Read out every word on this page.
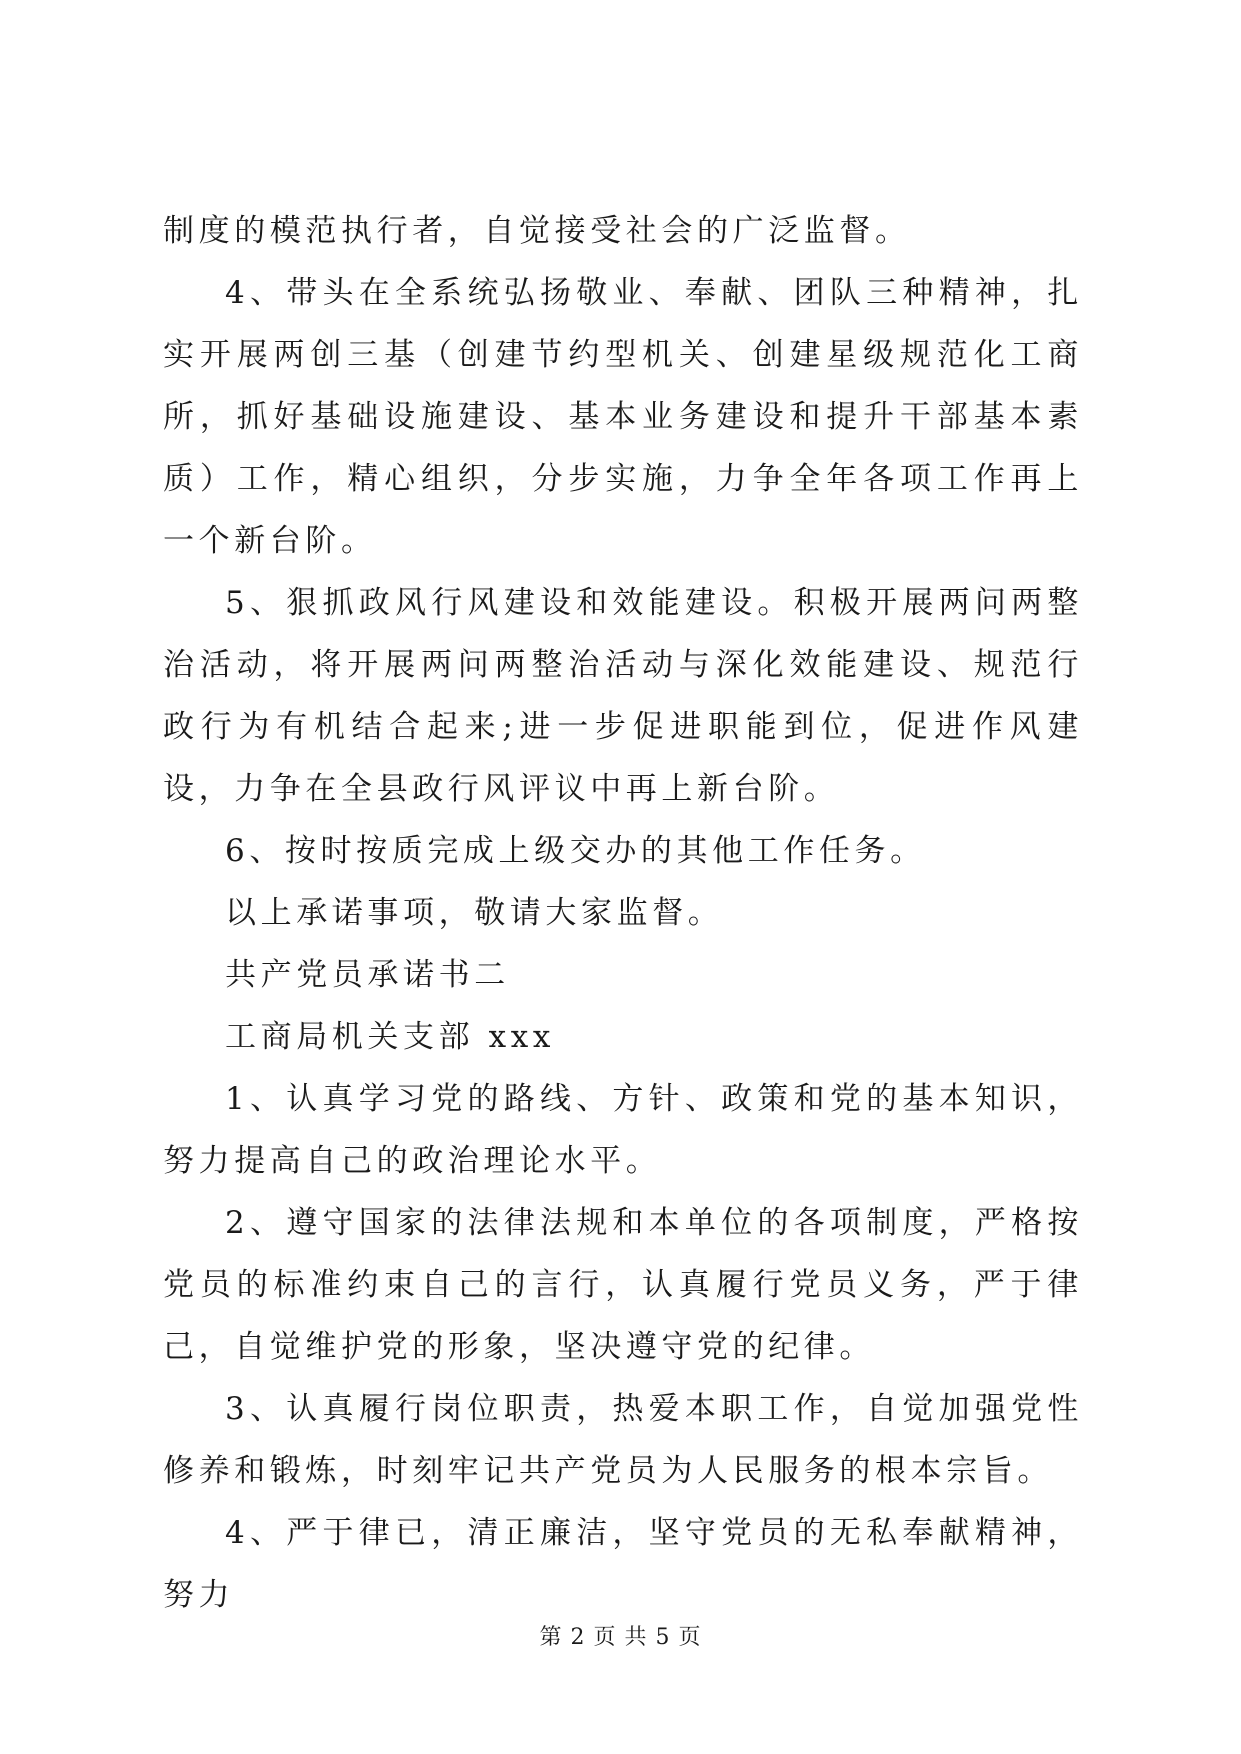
制度的模范执行者，自觉接受社会的广泛监督。

4、带头在全系统弘扬敬业、奉献、团队三种精神，扎实开展两创三基（创建节约型机关、创建星级规范化工商所，抓好基础设施建设、基本业务建设和提升干部基本素质）工作，精心组织，分步实施，力争全年各项工作再上一个新台阶。

5、狠抓政风行风建设和效能建设。积极开展两问两整治活动，将开展两问两整治活动与深化效能建设、规范行政行为有机结合起来;进一步促进职能到位，促进作风建设，力争在全县政行风评议中再上新台阶。

6、按时按质完成上级交办的其他工作任务。

以上承诺事项，敬请大家监督。

共产党员承诺书二

工商局机关支部 xxx

1、认真学习党的路线、方针、政策和党的基本知识，努力提高自己的政治理论水平。

2、遵守国家的法律法规和本单位的各项制度，严格按党员的标准约束自己的言行，认真履行党员义务，严于律己，自觉维护党的形象，坚决遵守党的纪律。

3、认真履行岗位职责，热爱本职工作，自觉加强党性修养和锻炼，时刻牢记共产党员为人民服务的根本宗旨。

4、严于律已，清正廉洁，坚守党员的无私奉献精神，努力

第 2 页 共 5 页
